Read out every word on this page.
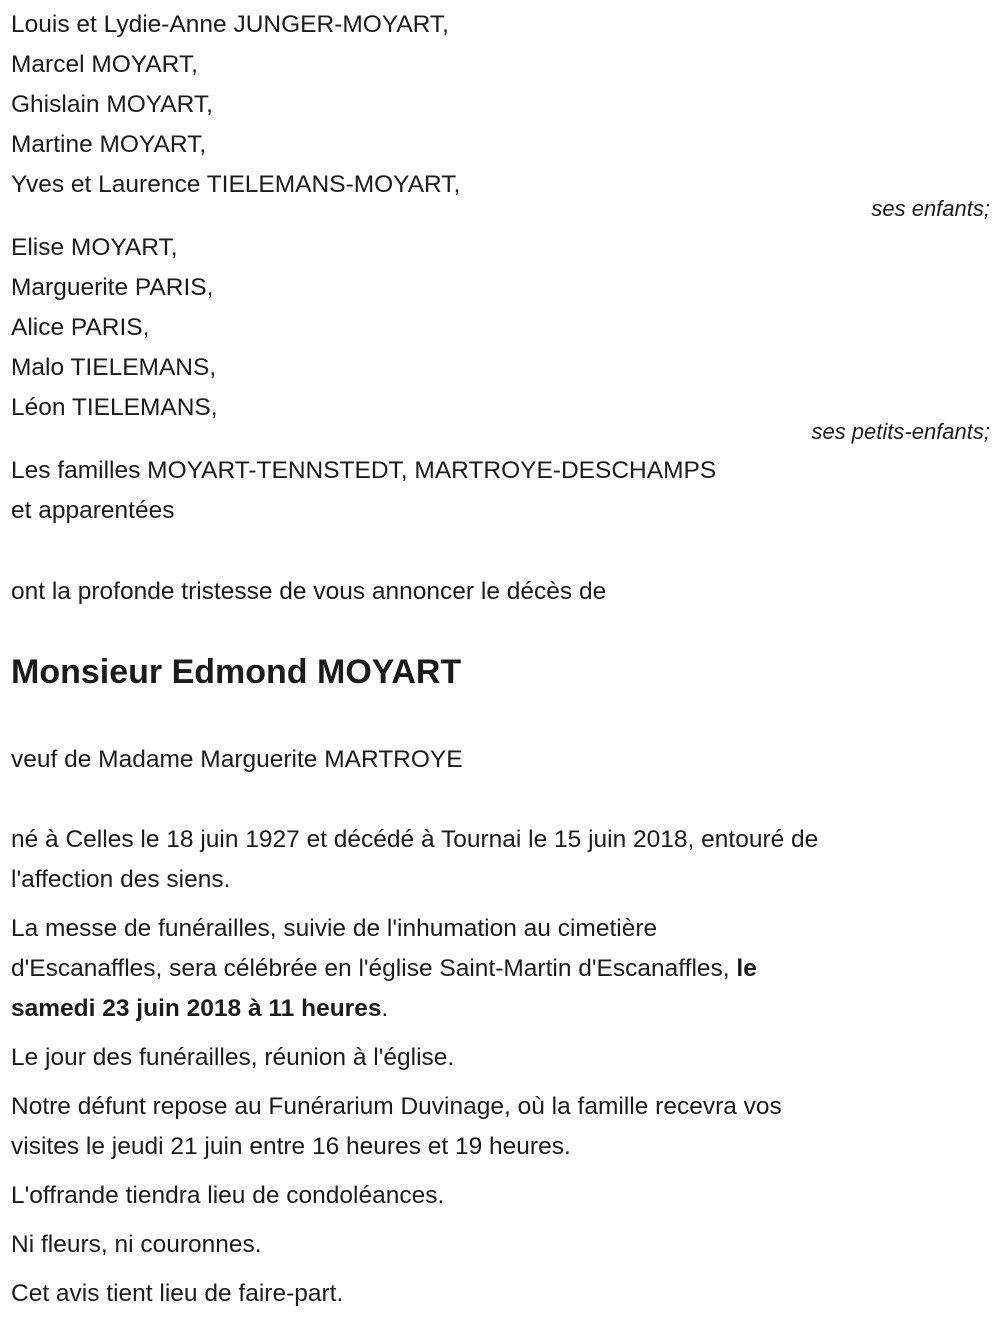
Louis et Lydie-Anne JUNGER-MOYART,
Marcel MOYART,
Ghislain MOYART,
Martine MOYART,
Yves et Laurence TIELEMANS-MOYART,
ses enfants;
Elise MOYART,
Marguerite PARIS,
Alice PARIS,
Malo TIELEMANS,
Léon TIELEMANS,
ses petits-enfants;
Les familles MOYART-TENNSTEDT, MARTROYE-DESCHAMPS
et apparentées
ont la profonde tristesse de vous annoncer le décès de
Monsieur Edmond MOYART
veuf de Madame Marguerite MARTROYE
né à Celles le 18 juin 1927 et décédé à Tournai le 15 juin 2018, entouré de
l'affection des siens.
La messe de funérailles, suivie de l'inhumation au cimetière
d'Escanaffles, sera célébrée en l'église Saint-Martin d'Escanaffles, le
samedi 23 juin 2018 à 11 heures.
Le jour des funérailles, réunion à l'église.
Notre défunt repose au Funérarium Duvinage, où la famille recevra vos
visites le jeudi 21 juin entre 16 heures et 19 heures.
L'offrande tiendra lieu de condoléances.
Ni fleurs, ni couronnes.
Cet avis tient lieu de faire-part.
